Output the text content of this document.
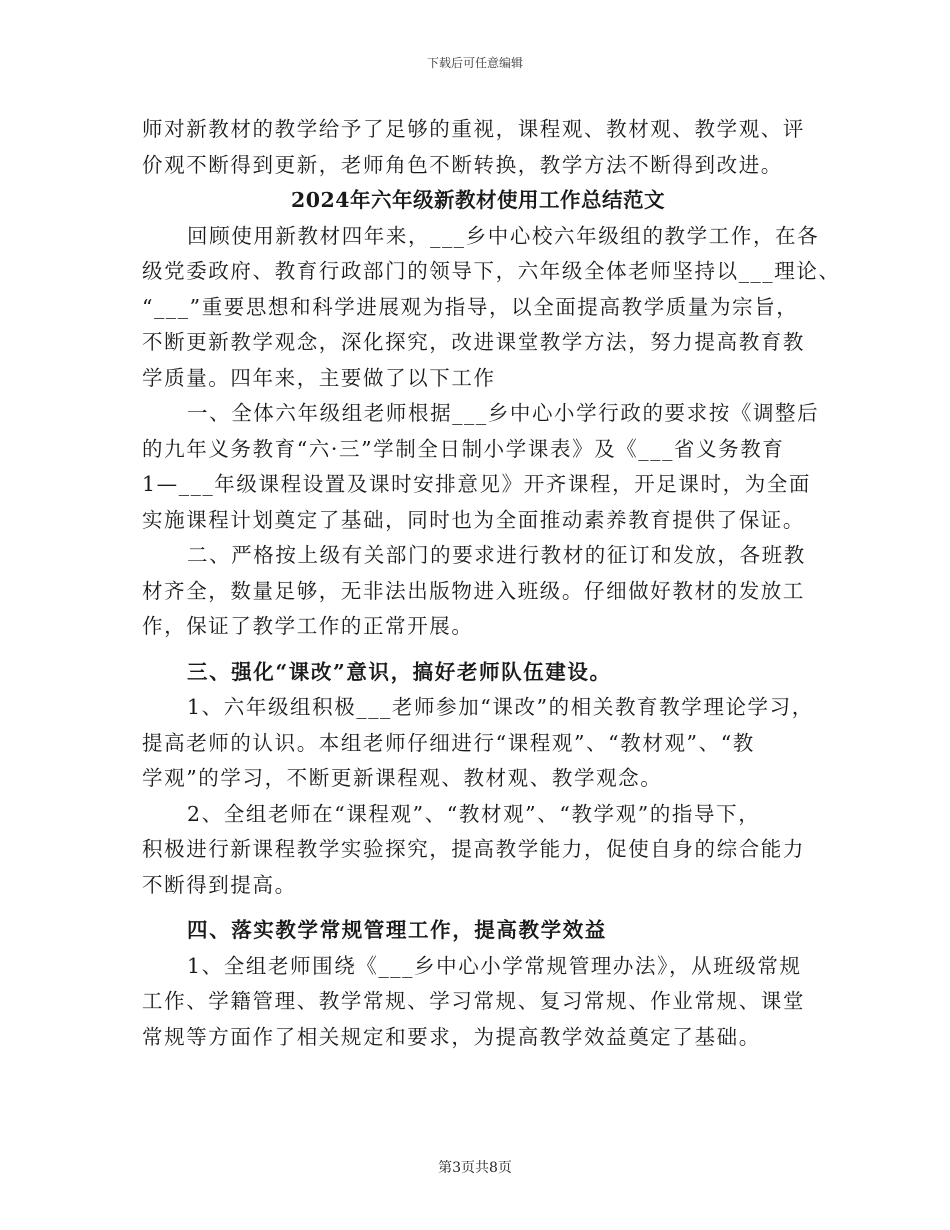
下载后可任意编辑
师对新教材的教学给予了足够的重视，课程观、教材观、教学观、评
价观不断得到更新，老师角色不断转换，教学方法不断得到改进。
2024年六年级新教材使用工作总结范文
回顾使用新教材四年来，___乡中心校六年级组的教学工作，在各
级党委政府、教育行政部门的领导下，六年级全体老师坚持以___理论、
“___”重要思想和科学进展观为指导，以全面提高教学质量为宗旨，
不断更新教学观念，深化探究，改进课堂教学方法，努力提高教育教
学质量。四年来，主要做了以下工作
一、全体六年级组老师根据___乡中心小学行政的要求按《调整后
的九年义务教育“六·三”学制全日制小学课表》及《___省义务教育
1—___年级课程设置及课时安排意见》开齐课程，开足课时，为全面
实施课程计划奠定了基础，同时也为全面推动素养教育提供了保证。
二、严格按上级有关部门的要求进行教材的征订和发放，各班教
材齐全，数量足够，无非法出版物进入班级。仔细做好教材的发放工
作，保证了教学工作的正常开展。
三、强化“课改”意识，搞好老师队伍建设。
1、六年级组积极___老师参加“课改”的相关教育教学理论学习，
提高老师的认识。本组老师仔细进行“课程观”、“教材观”、“教
学观”的学习，不断更新课程观、教材观、教学观念。
2、全组老师在“课程观”、“教材观”、“教学观”的指导下，
积极进行新课程教学实验探究，提高教学能力，促使自身的综合能力
不断得到提高。
四、落实教学常规管理工作，提高教学效益
1、全组老师围绕《___乡中心小学常规管理办法》，从班级常规
工作、学籍管理、教学常规、学习常规、复习常规、作业常规、课堂
常规等方面作了相关规定和要求，为提高教学效益奠定了基础。
第3页共8页
